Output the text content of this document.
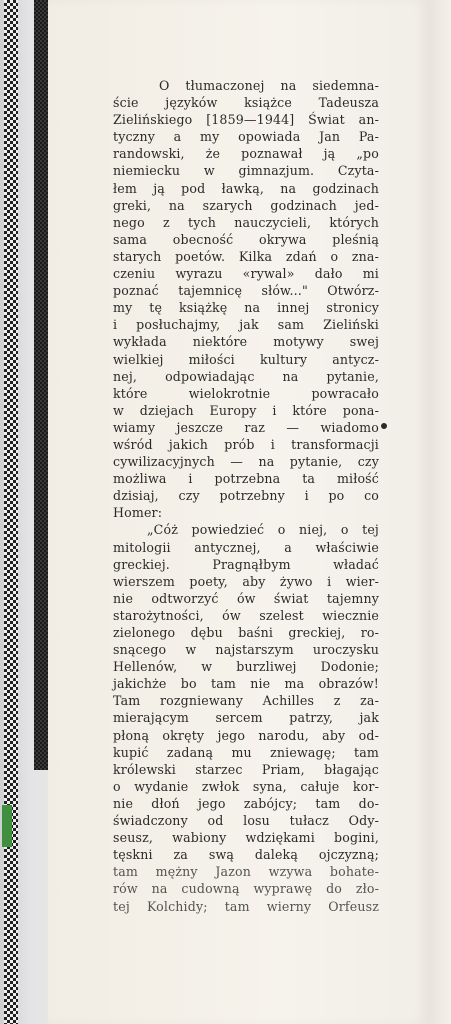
O tłumaczonej na siedemna-
ście języków książce Tadeusza
Zielińskiego [1859—1944] Świat an-
tyczny a my opowiada Jan Pa-
randowski, że poznawał ją „po
niemiecku w gimnazjum. Czyta-
łem ją pod ławką, na godzinach
greki, na szarych godzinach jed-
nego z tych nauczycieli, których
sama obecność okrywa pleśnią
starych poetów. Kilka zdań o zna-
czeniu wyrazu «rywal» dało mi
poznać tajemnicę słów..." Otwórz-
my tę książkę na innej stronicy
i posłuchajmy, jak sam Zieliński
wykłada niektóre motywy swej
wielkiej miłości kultury antycz-
nej, odpowiadając na pytanie,
które wielokrotnie powracało
w dziejach Europy i które pona-
wiamy jeszcze raz — wiadomo
wśród jakich prób i transformacji
cywilizacyjnych — na pytanie, czy
możliwa i potrzebna ta miłość
dzisiaj, czy potrzebny i po co
Homer:
„Cóż powiedzieć o niej, o tej
mitologii antycznej, a właściwie
greckiej. Pragnąłbym władać
wierszem poety, aby żywo i wier-
nie odtworzyć ów świat tajemny
starożytności, ów szelest wiecznie
zielonego dębu baśni greckiej, ro-
snącego w najstarszym uroczysku
Hellenów, w burzliwej Dodonie;
jakichże bo tam nie ma obrazów!
Tam rozgniewany Achilles z za-
mierającym sercem patrzy, jak
płoną okręty jego narodu, aby od-
kupić zadaną mu zniewagę; tam
królewski starzec Priam, błagając
o wydanie zwłok syna, całuje kor-
nie dłoń jego zabójcy; tam do-
świadczony od losu tułacz Ody-
seusz, wabiony wdziękami bogini,
tęskni za swą daleką ojczyzną;
tam mężny Jazon wzywa bohate-
rów na cudowną wyprawę do zło-
tej Kolchidy; tam wierny Orfeusz
